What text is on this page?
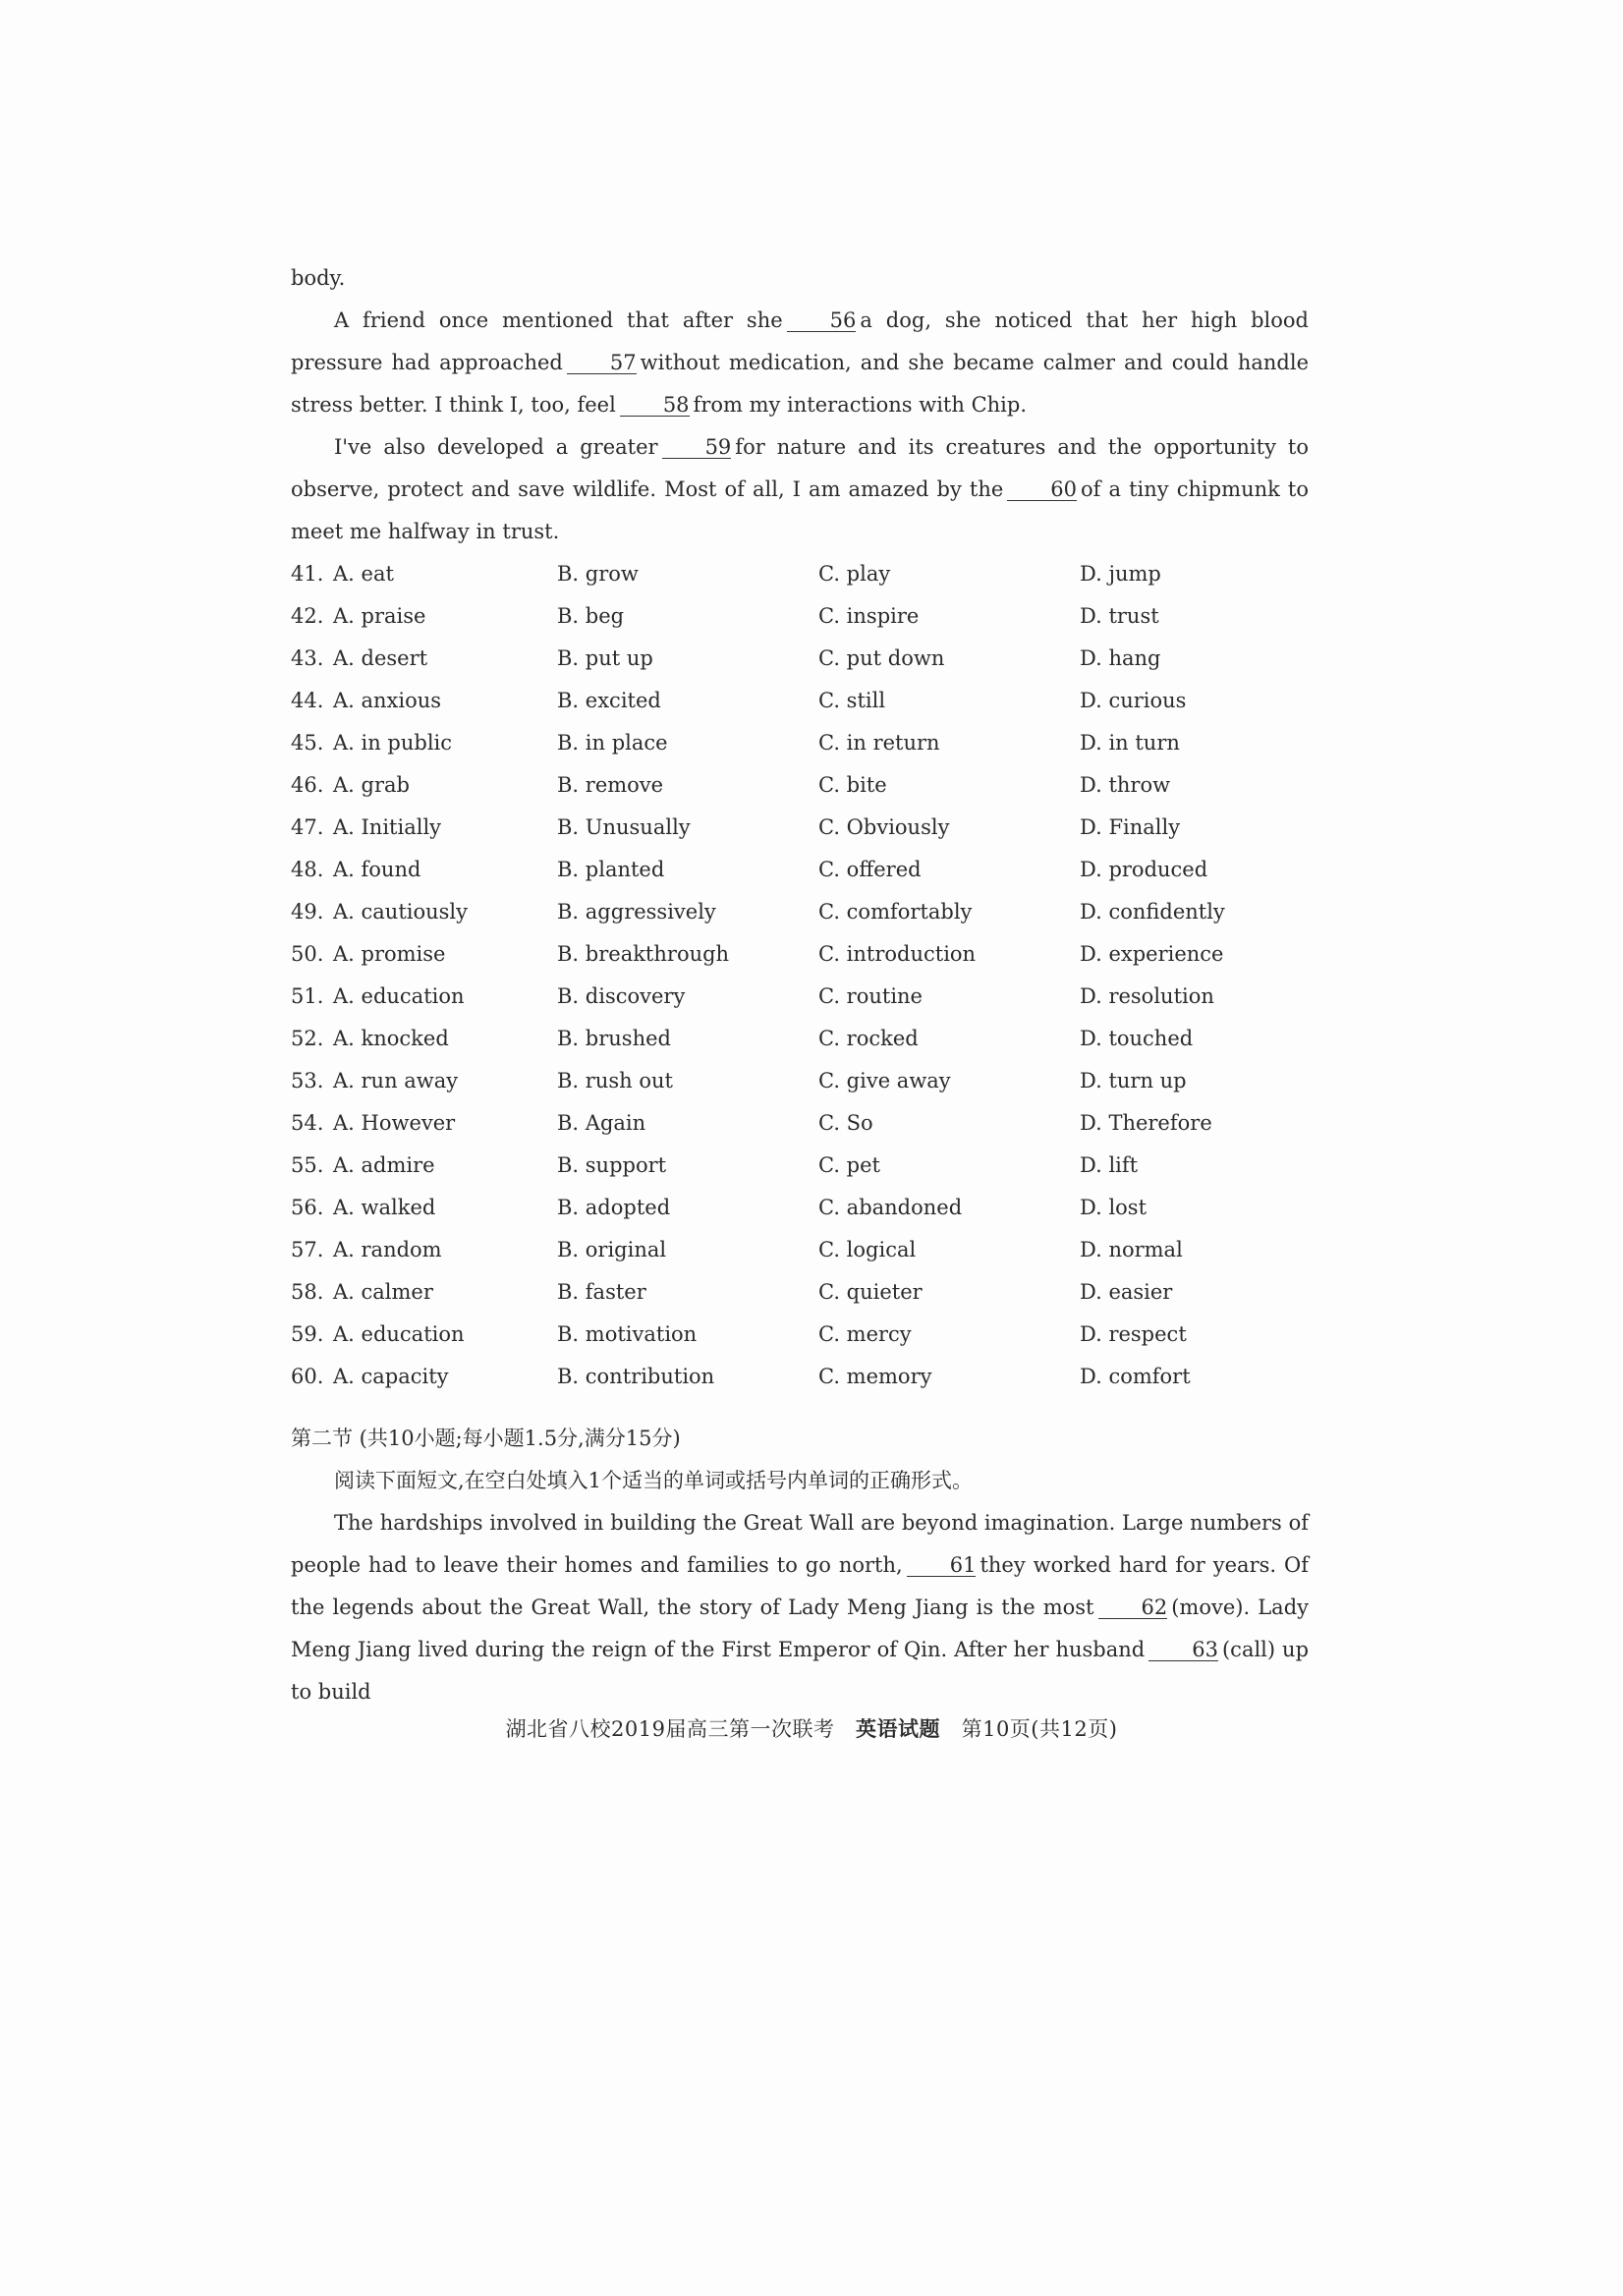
body.

A friend once mentioned that after she 56 a dog, she noticed that her high blood pressure had approached 57 without medication, and she became calmer and could handle stress better. I think I, too, feel 58 from my interactions with Chip.

I've also developed a greater 59 for nature and its creatures and the opportunity to observe, protect and save wildlife. Most of all, I am amazed by the 60 of a tiny chipmunk to meet me halfway in trust.

41. A. eat	B. grow	C. play	D. jump
42. A. praise	B. beg	C. inspire	D. trust
43. A. desert	B. put up	C. put down	D. hang
44. A. anxious	B. excited	C. still	D. curious
45. A. in public	B. in place	C. in return	D. in turn
46. A. grab	B. remove	C. bite	D. throw
47. A. Initially	B. Unusually	C. Obviously	D. Finally
48. A. found	B. planted	C. offered	D. produced
49. A. cautiously	B. aggressively	C. comfortably	D. confidently
50. A. promise	B. breakthrough	C. introduction	D. experience
51. A. education	B. discovery	C. routine	D. resolution
52. A. knocked	B. brushed	C. rocked	D. touched
53. A. run away	B. rush out	C. give away	D. turn up
54. A. However	B. Again	C. So	D. Therefore
55. A. admire	B. support	C. pet	D. lift
56. A. walked	B. adopted	C. abandoned	D. lost
57. A. random	B. original	C. logical	D. normal
58. A. calmer	B. faster	C. quieter	D. easier
59. A. education	B. motivation	C. mercy	D. respect
60. A. capacity	B. contribution	C. memory	D. comfort
第二节 (共10小题;每小题1.5分,满分15分)
阅读下面短文,在空白处填入1个适当的单词或括号内单词的正确形式。

The hardships involved in building the Great Wall are beyond imagination. Large numbers of people had to leave their homes and families to go north, 61 they worked hard for years. Of the legends about the Great Wall, the story of Lady Meng Jiang is the most 62 (move). Lady Meng Jiang lived during the reign of the First Emperor of Qin. After her husband 63 (call) up to build

湖北省八校2019届高三第一次联考 英语试题 第10页(共12页)
